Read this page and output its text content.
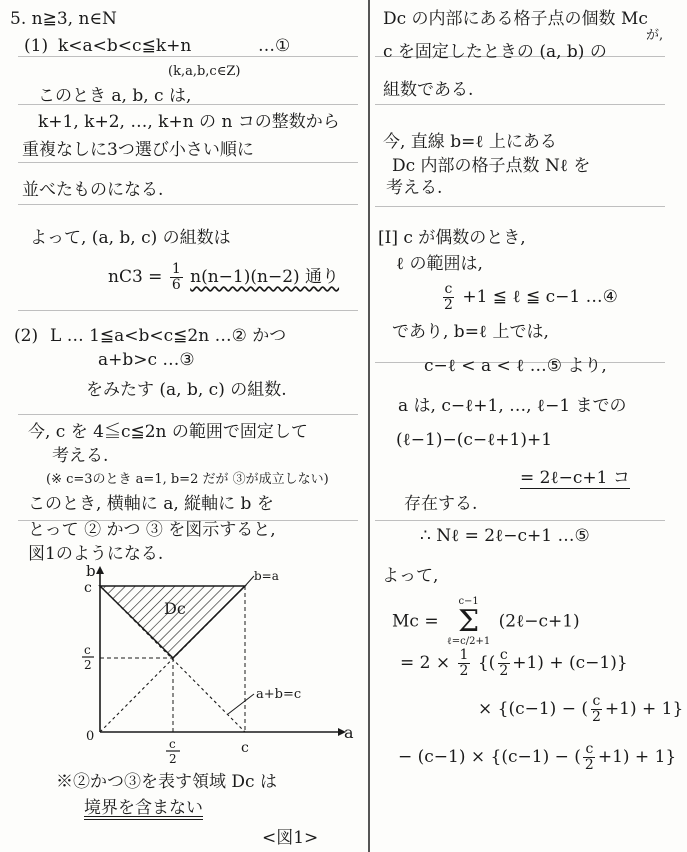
5. n≧3, n∈N
(1) k<a<b<c≦k+n	…①
(k,a,b,c∈Z)
このとき a, b, c は,
k+1, k+2, …, k+n の n コの整数から
重複なしに3つ選び小さい順に
並べたものになる.
よって, (a, b, c) の組数は
$nC3 = \frac{1}{6} n(n-1)(n-2)$ 通り
(2) L … 1≦a<b<c≦2n …② かつ
a+b>c …③
をみたす (a, b, c) の組数.
今, c を 4≦c≦2n の範囲で固定して
考える.
(※ c=3のとき a=1, b=2 だが ③が成立しない)
このとき, 横軸に a, 縦軸に b を
とって ② かつ ③ を図示すると,
図1のようになる.
b
a
c
c
2
0	c
2
c
b=a
a+b=c
Dc
※②かつ③を表す領域 Dc は
境界を含まない
<図1>
Dc の内部にある格子点の個数 Mc
が,
c を固定したときの (a, b) の
組数である.
今, 直線 b=ℓ 上にある
Dc 内部の格子点数 Nℓ を
考える.
[I] c が偶数のとき,
ℓ の範囲は,
$\frac{c}{2} +1$ ≦ ℓ ≦ c−1 …④
であり, b=ℓ 上では,
c−ℓ < a < ℓ …⑤ より,
a は, c−ℓ+1, …, ℓ−1 までの
(ℓ−1)−(c−ℓ+1)+1
= 2ℓ−c+1 コ
存在する.
∴ Nℓ = 2ℓ−c+1 …⑤
よって,
Mc =
c−1
Σ
ℓ=c/2+1
(2ℓ−c+1)
= $2 \times \frac{1}{2}$ {( $\frac{c}{2} +1) + (c-1)$}
× {(c−1) − ( $\frac{c}{2} +1) + 1$}
− (c−1) × {(c−1) − ( $\frac{c}{2} +1) + 1$}
